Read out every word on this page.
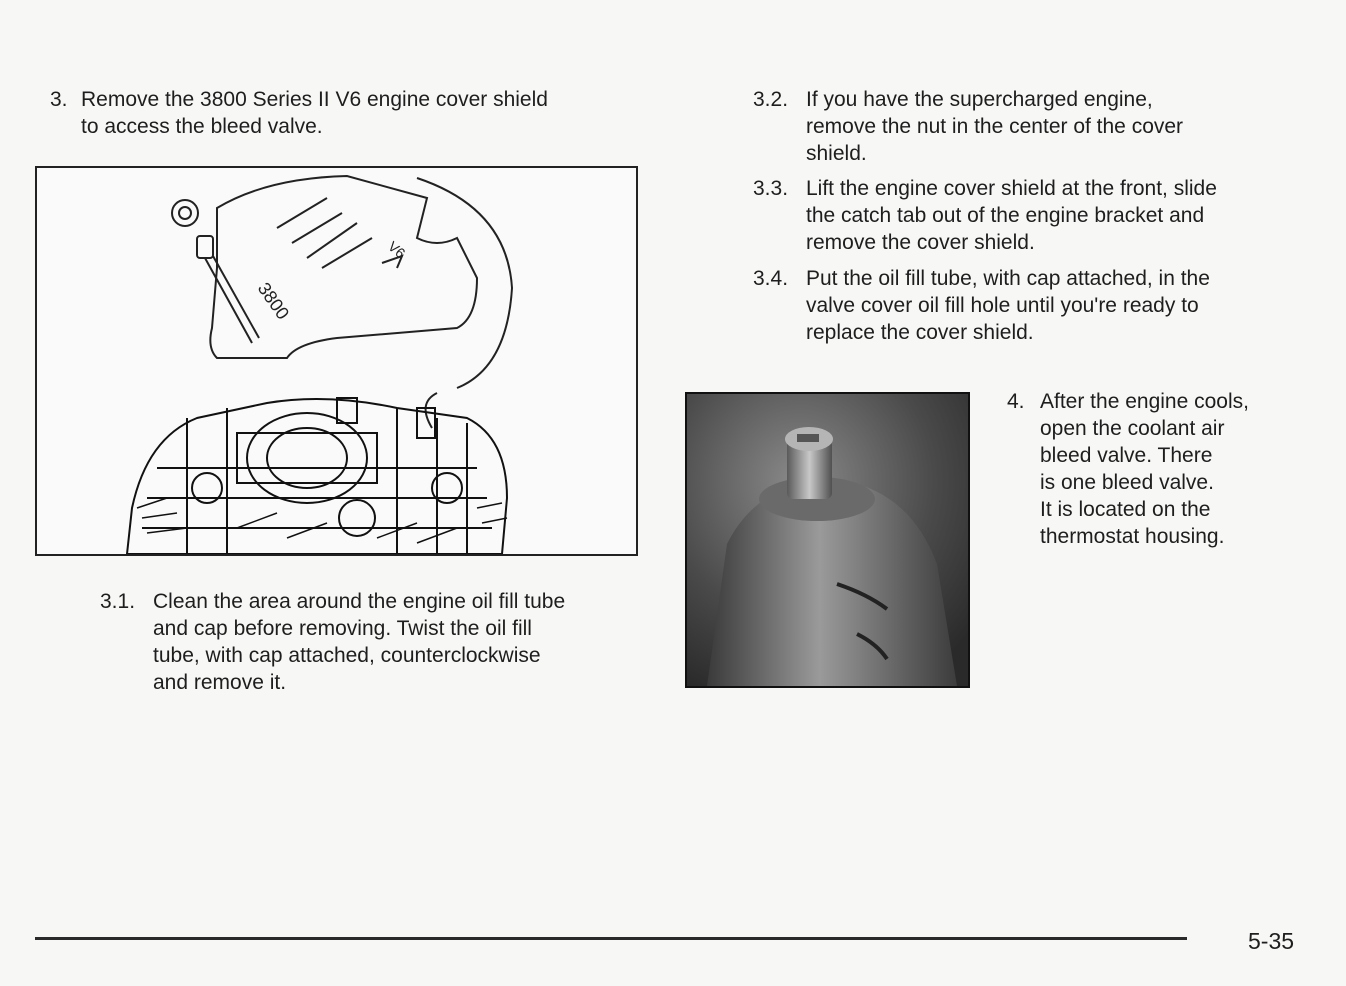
3. Remove the 3800 Series II V6 engine cover shield
to access the bleed valve.
3800
V6
3.1. Clean the area around the engine oil fill tube
and cap before removing. Twist the oil fill
tube, with cap attached, counterclockwise
and remove it.
3.2. If you have the supercharged engine,
remove the nut in the center of the cover
shield.
3.3. Lift the engine cover shield at the front, slide
the catch tab out of the engine bracket and
remove the cover shield.
3.4. Put the oil fill tube, with cap attached, in the
valve cover oil fill hole until you're ready to
replace the cover shield.
4. After the engine cools,
open the coolant air
bleed valve. There
is one bleed valve.
It is located on the
thermostat housing.
5-35
